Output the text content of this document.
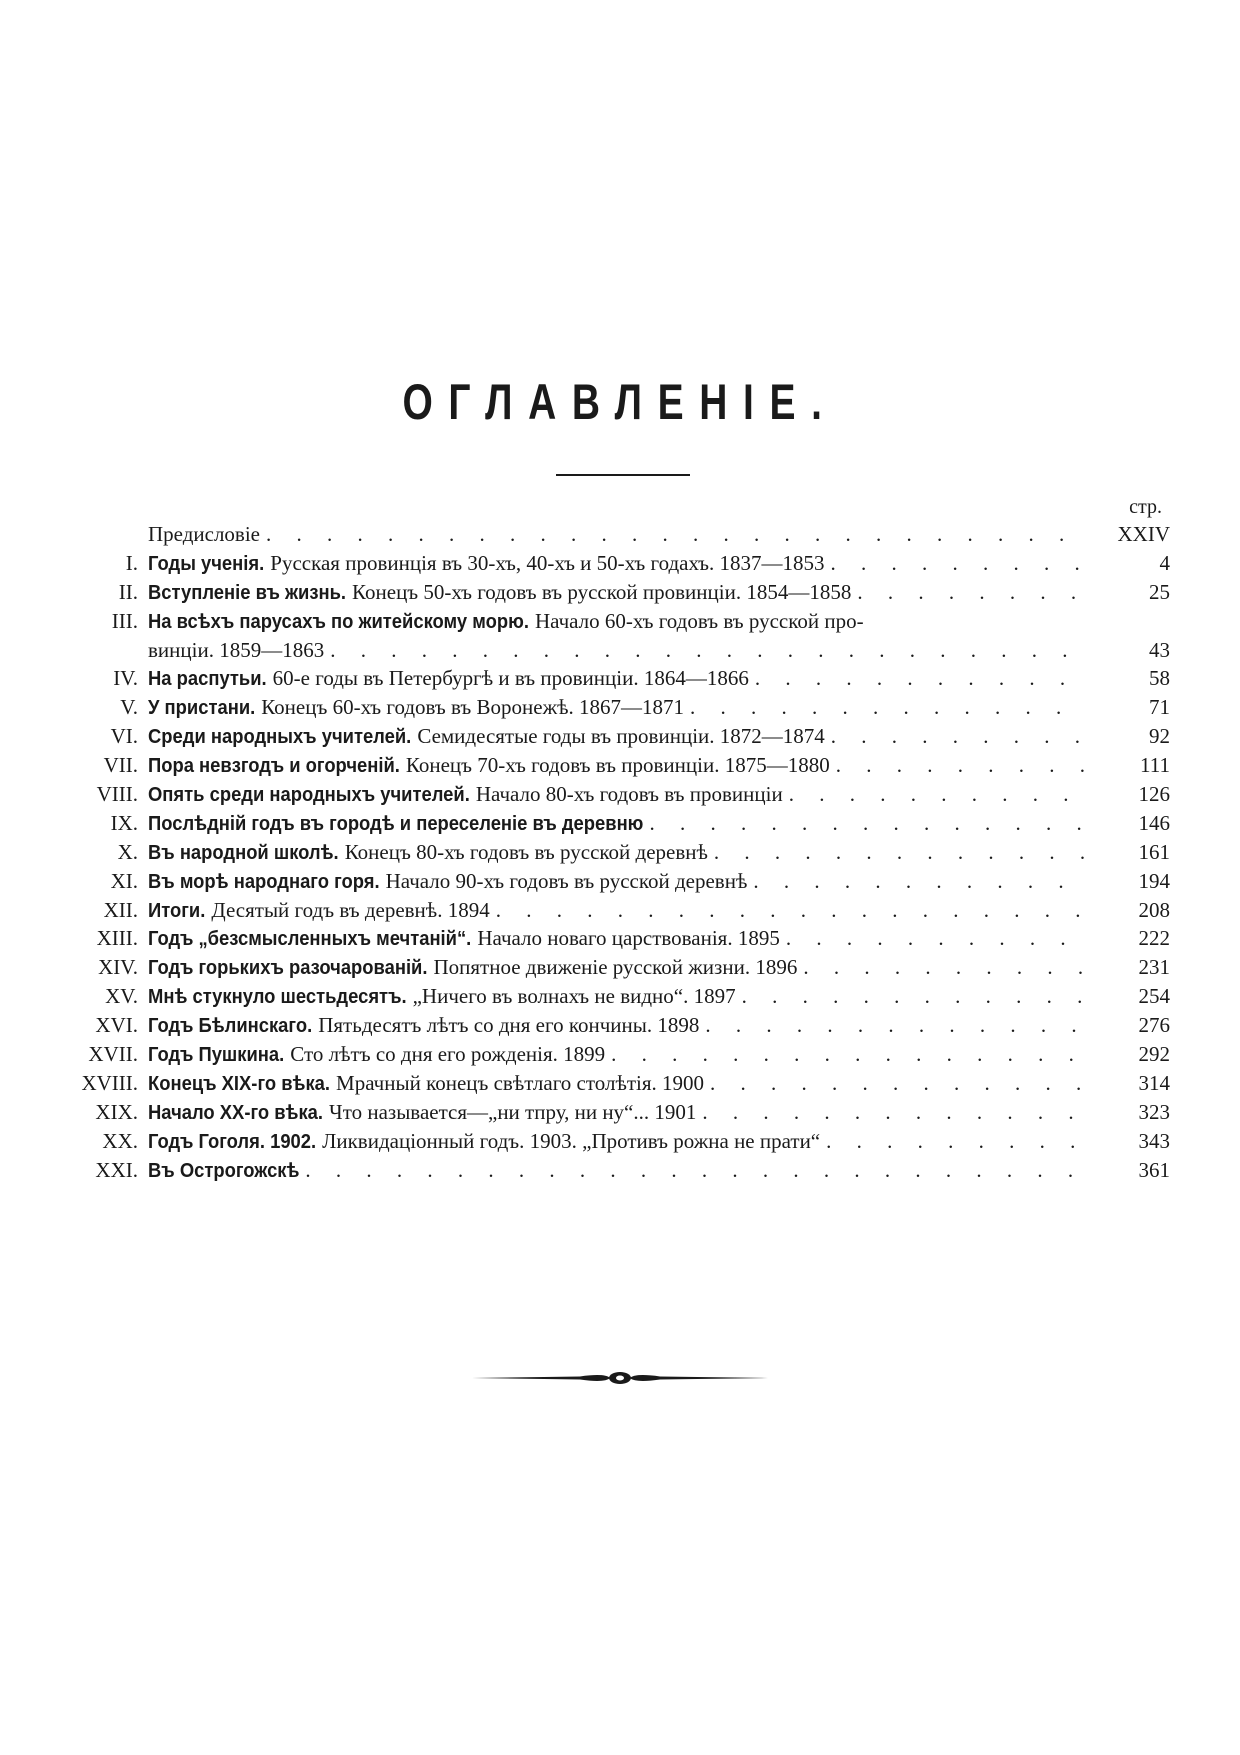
ОГЛАВЛЕНІЕ.
стр.
Предисловіе . . .	XXIV
I. Годы ученія. Русская провинція въ 30-хъ, 40-хъ и 50-хъ годахъ. 1837—1853 . . .	4
II. Вступленіе въ жизнь. Конецъ 50-хъ годовъ въ русской провинціи. 1854—1858 . . .	25
III. На всѣхъ парусахъ по житейскому морю. Начало 60-хъ годовъ въ русской про-
винціи. 1859—1863 . . .	43
IV. На распутьи. 60-е годы въ Петербургѣ и въ провинціи. 1864—1866 . . .	58
V. У пристани. Конецъ 60-хъ годовъ въ Воронежѣ. 1867—1871 . . .	71
VI. Среди народныхъ учителей. Семидесятые годы въ провинціи. 1872—1874 . . .	92
VII. Пора невзгодъ и огорченій. Конецъ 70-хъ годовъ въ провинціи. 1875—1880 . . .	111
VIII. Опять среди народныхъ учителей. Начало 80-хъ годовъ въ провинціи . . .	126
IX. Послѣдній годъ въ городѣ и переселеніе въ деревню . . .	146
X. Въ народной школѣ. Конецъ 80-хъ годовъ въ русской деревнѣ . . .	161
XI. Въ морѣ народнаго горя. Начало 90-хъ годовъ въ русской деревнѣ . . .	194
XII. Итоги. Десятый годъ въ деревнѣ. 1894 . . .	208
XIII. Годъ „безсмысленныхъ мечтаній“. Начало новаго царствованія. 1895 . . .	222
XIV. Годъ горькихъ разочарованій. Попятное движеніе русской жизни. 1896 . . .	231
XV. Мнѣ стукнуло шестьдесятъ. „Ничего въ волнахъ не видно“. 1897 . . .	254
XVI. Годъ Бѣлинскаго. Пятьдесятъ лѣтъ со дня его кончины. 1898 . . .	276
XVII. Годъ Пушкина. Сто лѣтъ со дня его рожденія. 1899 . . .	292
XVIII. Конецъ XIX-го вѣка. Мрачный конецъ свѣтлаго столѣтія. 1900 . . .	314
XIX. Начало XX-го вѣка. Что называется—„ни тпру, ни ну“... 1901 . . .	323
XX. Годъ Гоголя. 1902. Ликвидаціонный годъ. 1903. „Противъ рожна не прати“ . . .	343
XXI. Въ Острогожскѣ . . .	361
